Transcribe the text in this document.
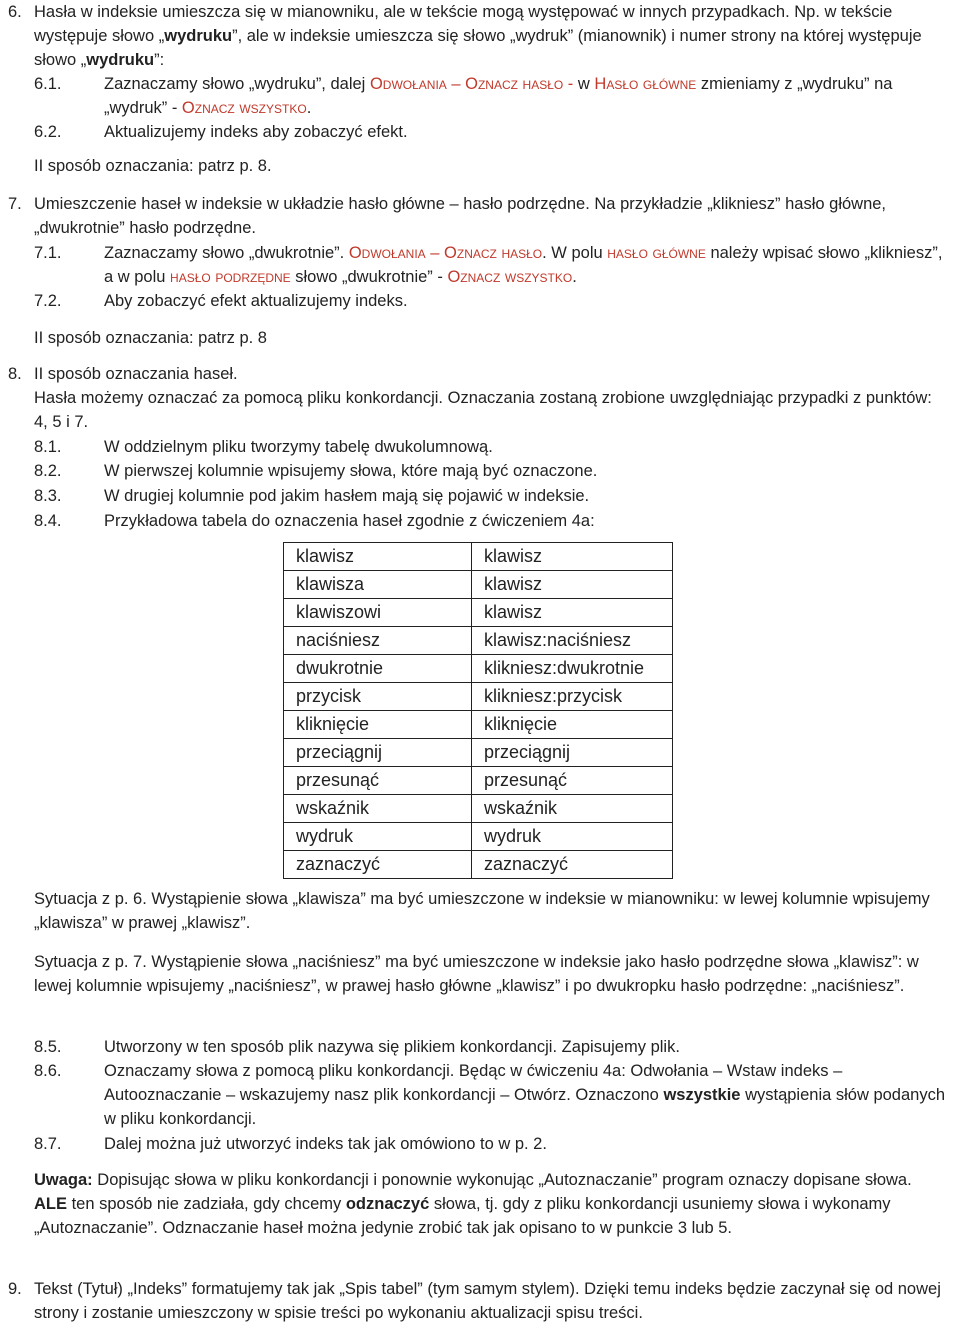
6. Hasła w indeksie umieszcza się w mianowniku, ale w tekście mogą występować w innych przypadkach. Np. w tekście występuje słowo „wydruku”, ale w indeksie umieszcza się słowo „wydruk” (mianownik) i numer strony na której występuje słowo „wydruku”:
6.1.	Zaznaczamy słowo „wydruku”, dalej Odwołania – Oznacz hasło - w Hasło główne zmieniamy z „wydruku” na „wydruk” - Oznacz wszystko.
6.2.	Aktualizujemy indeks aby zobaczyć efekt.
II sposób oznaczania: patrz p. 8.
7. Umieszczenie haseł w indeksie w układzie hasło główne – hasło podrzędne. Na przykładzie „klikniesz” hasło główne, „dwukrotnie” hasło podrzędne.
7.1.	Zaznaczamy słowo „dwukrotnie”. Odwołania – Oznacz hasło. W polu hasło główne należy wpisać słowo „klikniesz”, a w polu hasło podrzędne słowo „dwukrotnie” - Oznacz wszystko.
7.2.	Aby zobaczyć efekt aktualizujemy indeks.
II sposób oznaczania: patrz p. 8
8. II sposób oznaczania haseł.
Hasła możemy oznaczać za pomocą pliku konkordancji. Oznaczania zostaną zrobione uwzględniając przypadki z punktów: 4, 5 i 7.
8.1.	W oddzielnym pliku tworzymy tabelę dwukolumnową.
8.2.	W pierwszej kolumnie wpisujemy słowa, które mają być oznaczone.
8.3.	W drugiej kolumnie pod jakim hasłem mają się pojawić w indeksie.
8.4.	Przykładowa tabela do oznaczenia haseł zgodnie z ćwiczeniem 4a:
klawisz	klawisz
klawisza	klawisz
klawiszowi	klawisz
naciśniesz	klawisz:naciśniesz
dwukrotnie	klikniesz:dwukrotnie
przycisk	klikniesz:przycisk
kliknięcie	kliknięcie
przeciągnij	przeciągnij
przesunąć	przesunąć
wskaźnik	wskaźnik
wydruk	wydruk
zaznaczyć	zaznaczyć
Sytuacja z p. 6. Wystąpienie słowa „klawisza” ma być umieszczone w indeksie w mianowniku: w lewej kolumnie wpisujemy „klawisza” w prawej „klawisz”.
Sytuacja z p. 7. Wystąpienie słowa „naciśniesz” ma być umieszczone w indeksie jako hasło podrzędne słowa „klawisz”: w lewej kolumnie wpisujemy „naciśniesz”, w prawej hasło główne „klawisz” i po dwukropku hasło podrzędne: „naciśniesz”.
8.5.	Utworzony w ten sposób plik nazywa się plikiem konkordancji. Zapisujemy plik.
8.6.	Oznaczamy słowa z pomocą pliku konkordancji. Będąc w ćwiczeniu 4a: Odwołania – Wstaw indeks – Autooznaczanie – wskazujemy nasz plik konkordancji – Otwórz. Oznaczono wszystkie wystąpienia słów podanych w pliku konkordancji.
8.7.	Dalej można już utworzyć indeks tak jak omówiono to w p. 2.
Uwaga: Dopisując słowa w pliku konkordancji i ponownie wykonując „Autoznaczanie” program oznaczy dopisane słowa. ALE ten sposób nie zadziała, gdy chcemy odznaczyć słowa, tj. gdy z pliku konkordancji usuniemy słowa i wykonamy „Autoznaczanie”. Odznaczanie haseł można jedynie zrobić tak jak opisano to w punkcie 3 lub 5.
9. Tekst (Tytuł) „Indeks” formatujemy tak jak „Spis tabel” (tym samym stylem). Dzięki temu indeks będzie zaczynał się od nowej strony i zostanie umieszczony w spisie treści po wykonaniu aktualizacji spisu treści.
